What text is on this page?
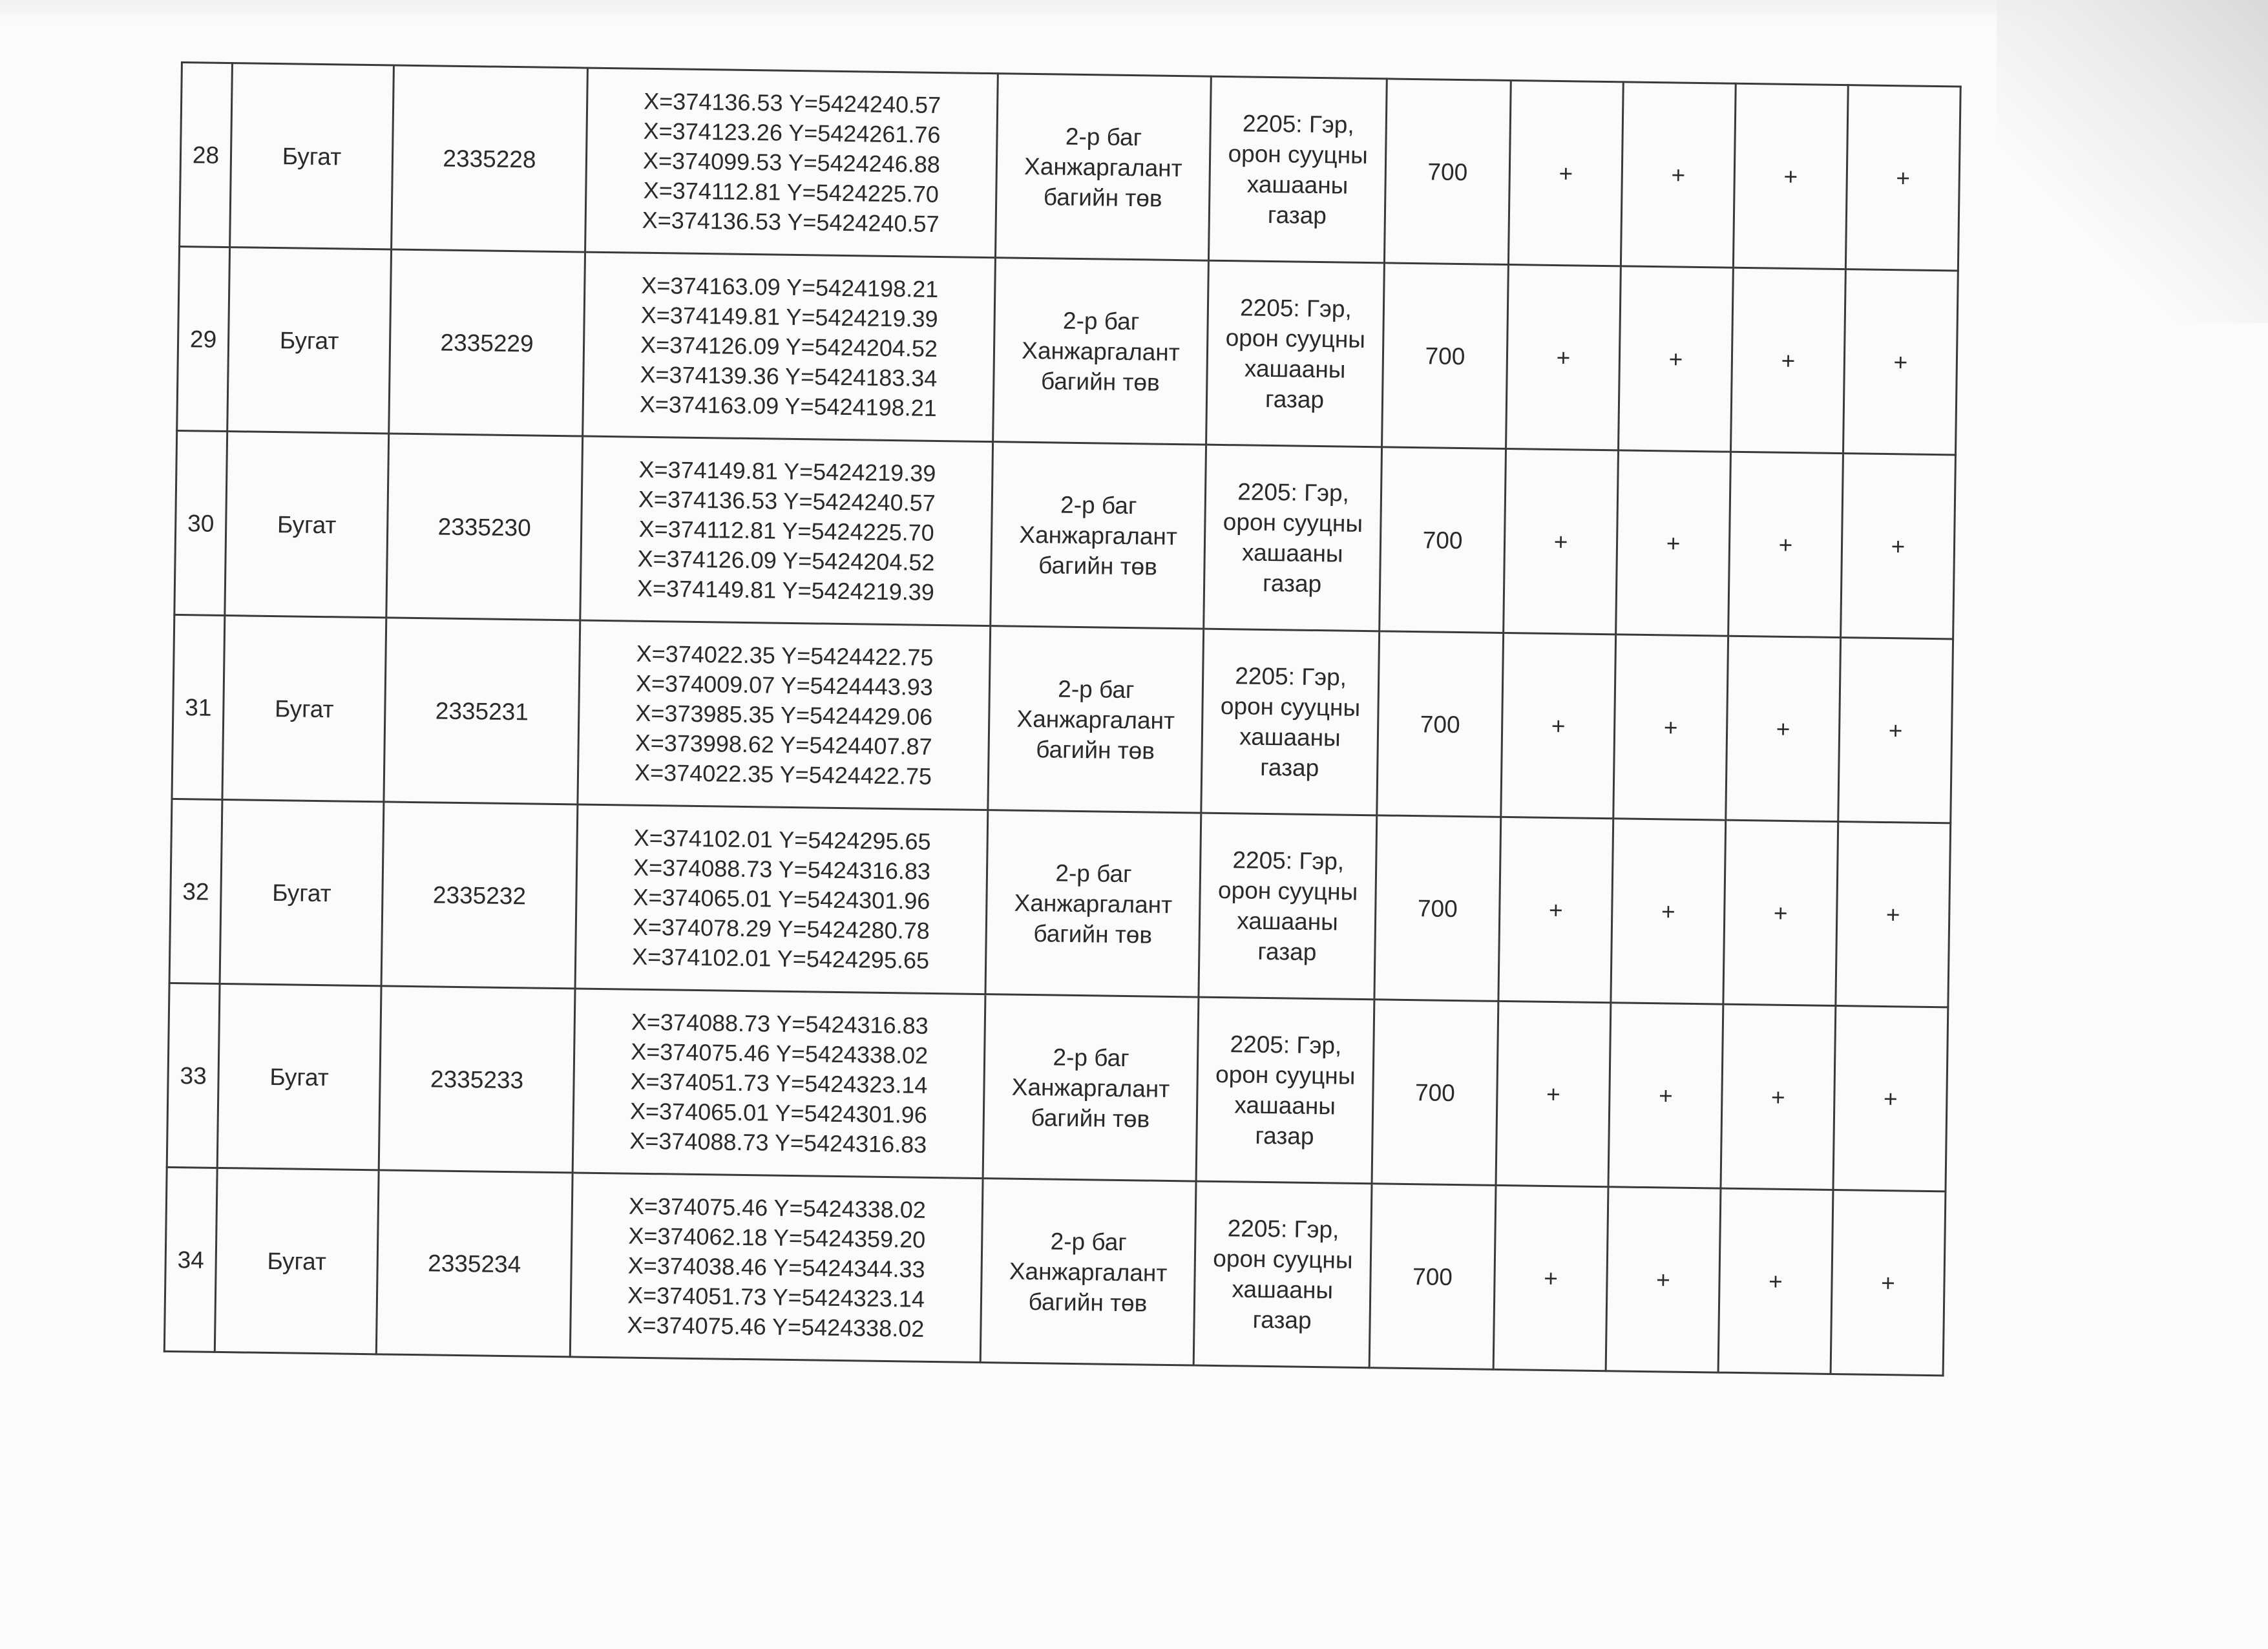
28	Бугат	2335228	X=374136.53 Y=5424240.57
X=374123.26 Y=5424261.76
X=374099.53 Y=5424246.88
X=374112.81 Y=5424225.70
X=374136.53 Y=5424240.57	2-р баг
Ханжаргалант
багийн төв	2205: Гэр,
орон сууцны
хашааны
газар	700	+	+	+	+
29	Бугат	2335229	X=374163.09 Y=5424198.21
X=374149.81 Y=5424219.39
X=374126.09 Y=5424204.52
X=374139.36 Y=5424183.34
X=374163.09 Y=5424198.21	2-р баг
Ханжаргалант
багийн төв	2205: Гэр,
орон сууцны
хашааны
газар	700	+	+	+	+
30	Бугат	2335230	X=374149.81 Y=5424219.39
X=374136.53 Y=5424240.57
X=374112.81 Y=5424225.70
X=374126.09 Y=5424204.52
X=374149.81 Y=5424219.39	2-р баг
Ханжаргалант
багийн төв	2205: Гэр,
орон сууцны
хашааны
газар	700	+	+	+	+
31	Бугат	2335231	X=374022.35 Y=5424422.75
X=374009.07 Y=5424443.93
X=373985.35 Y=5424429.06
X=373998.62 Y=5424407.87
X=374022.35 Y=5424422.75	2-р баг
Ханжаргалант
багийн төв	2205: Гэр,
орон сууцны
хашааны
газар	700	+	+	+	+
32	Бугат	2335232	X=374102.01 Y=5424295.65
X=374088.73 Y=5424316.83
X=374065.01 Y=5424301.96
X=374078.29 Y=5424280.78
X=374102.01 Y=5424295.65	2-р баг
Ханжаргалант
багийн төв	2205: Гэр,
орон сууцны
хашааны
газар	700	+	+	+	+
33	Бугат	2335233	X=374088.73 Y=5424316.83
X=374075.46 Y=5424338.02
X=374051.73 Y=5424323.14
X=374065.01 Y=5424301.96
X=374088.73 Y=5424316.83	2-р баг
Ханжаргалант
багийн төв	2205: Гэр,
орон сууцны
хашааны
газар	700	+	+	+	+
34	Бугат	2335234	X=374075.46 Y=5424338.02
X=374062.18 Y=5424359.20
X=374038.46 Y=5424344.33
X=374051.73 Y=5424323.14
X=374075.46 Y=5424338.02	2-р баг
Ханжаргалант
багийн төв	2205: Гэр,
орон сууцны
хашааны
газар	700	+	+	+	+
